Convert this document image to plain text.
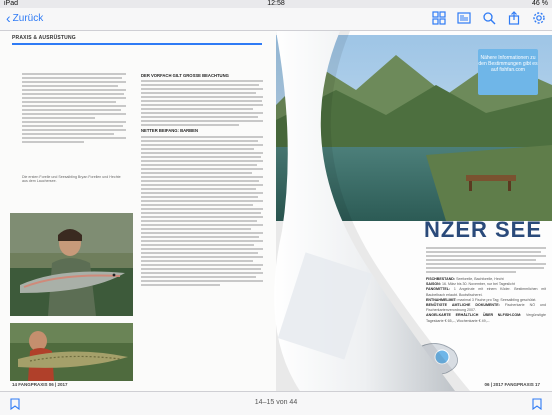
iPad	12:58	46 %
‹ Zurück
PRAXIS & AUSRÜSTUNG
Die ersten Forelle und Seesaibling Bryan Forellen und Hechte aus dem Lauchersee.
DER VORFACH GILT GROSSE BEACHTUNG
NETTER BEIFANG: BARBEN
14 FANGPRAXIS 06 | 2017
Nähere Informationen zu den Bestimmungen gibt es auf fishfan.com
NZER SEE
FISCHBESTAND: Seeforelle, Bachforelle, Hecht
SAISON: 16. März bis 30. November, nur bei Tageslicht
FANGMITTEL: 1 Angelrute mit einem Köder. Bestimmlichen mit Baubelbach erlaubt. Bootsfischerei.
ENTNAHMELIMIT: maximal 3 Fische pro Tag; Seesaibling geschützt.
BENÖTIGTE AMTLICHE DOKUMENTE: Fischerkarte NÖ und Fischerkartenverordnung 2007.
ANGELKARTE ERHÄLTLICH ÜBER NLFISH.COM: Vergünstigte Tageskarte € 65,–, Wochenkarte € 49,–.
06 | 2017 FANGPRAXIS 17
14–15 von 44
